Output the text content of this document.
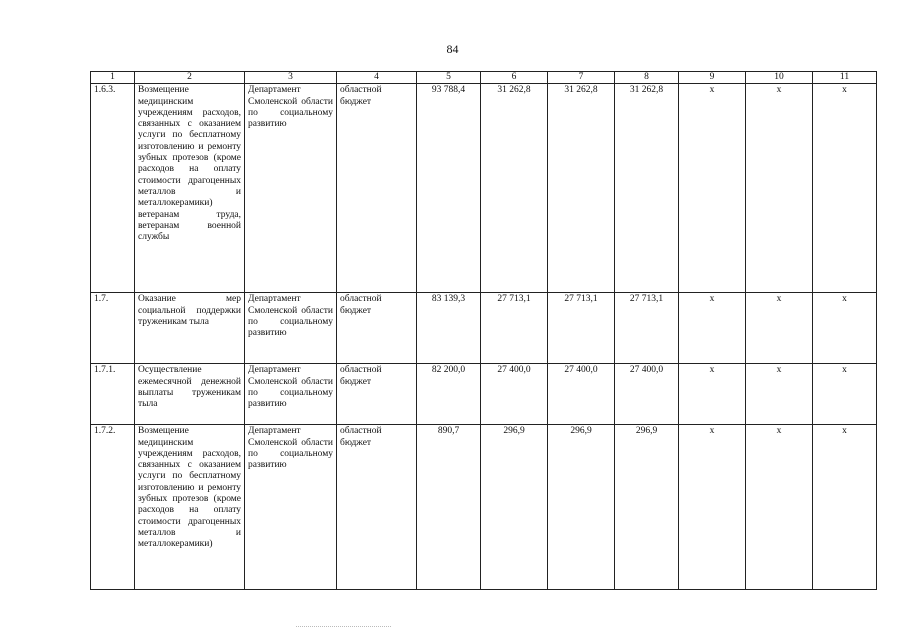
84
1	2	3	4	5	6	7	8	9	10	11
1.6.3.	Возмещение медицинским учреждениям расходов, связанных с оказанием услуги по бесплатному изготовлению и ремонту зубных протезов (кроме расходов на оплату стоимости драгоценных металлов и металлокерамики) ветеранам труда, ветеранам военной службы	Департамент Смоленской области по социальному развитию	областной бюджет	93 788,4	31 262,8	31 262,8	31 262,8	х	х	х
1.7.	Оказание мер социальной поддержки труженикам тыла	Департамент Смоленской области по социальному развитию	областной бюджет	83 139,3	27 713,1	27 713,1	27 713,1	х	х	х
1.7.1.	Осуществление ежемесячной денежной выплаты труженикам тыла	Департамент Смоленской области по социальному развитию	областной бюджет	82 200,0	27 400,0	27 400,0	27 400,0	х	х	х
1.7.2.	Возмещение медицинским учреждениям расходов, связанных с оказанием услуги по бесплатному изготовлению и ремонту зубных протезов (кроме расходов на оплату стоимости драгоценных металлов и металлокерамики)	Департамент Смоленской области по социальному развитию	областной бюджет	890,7	296,9	296,9	296,9	х	х	х
